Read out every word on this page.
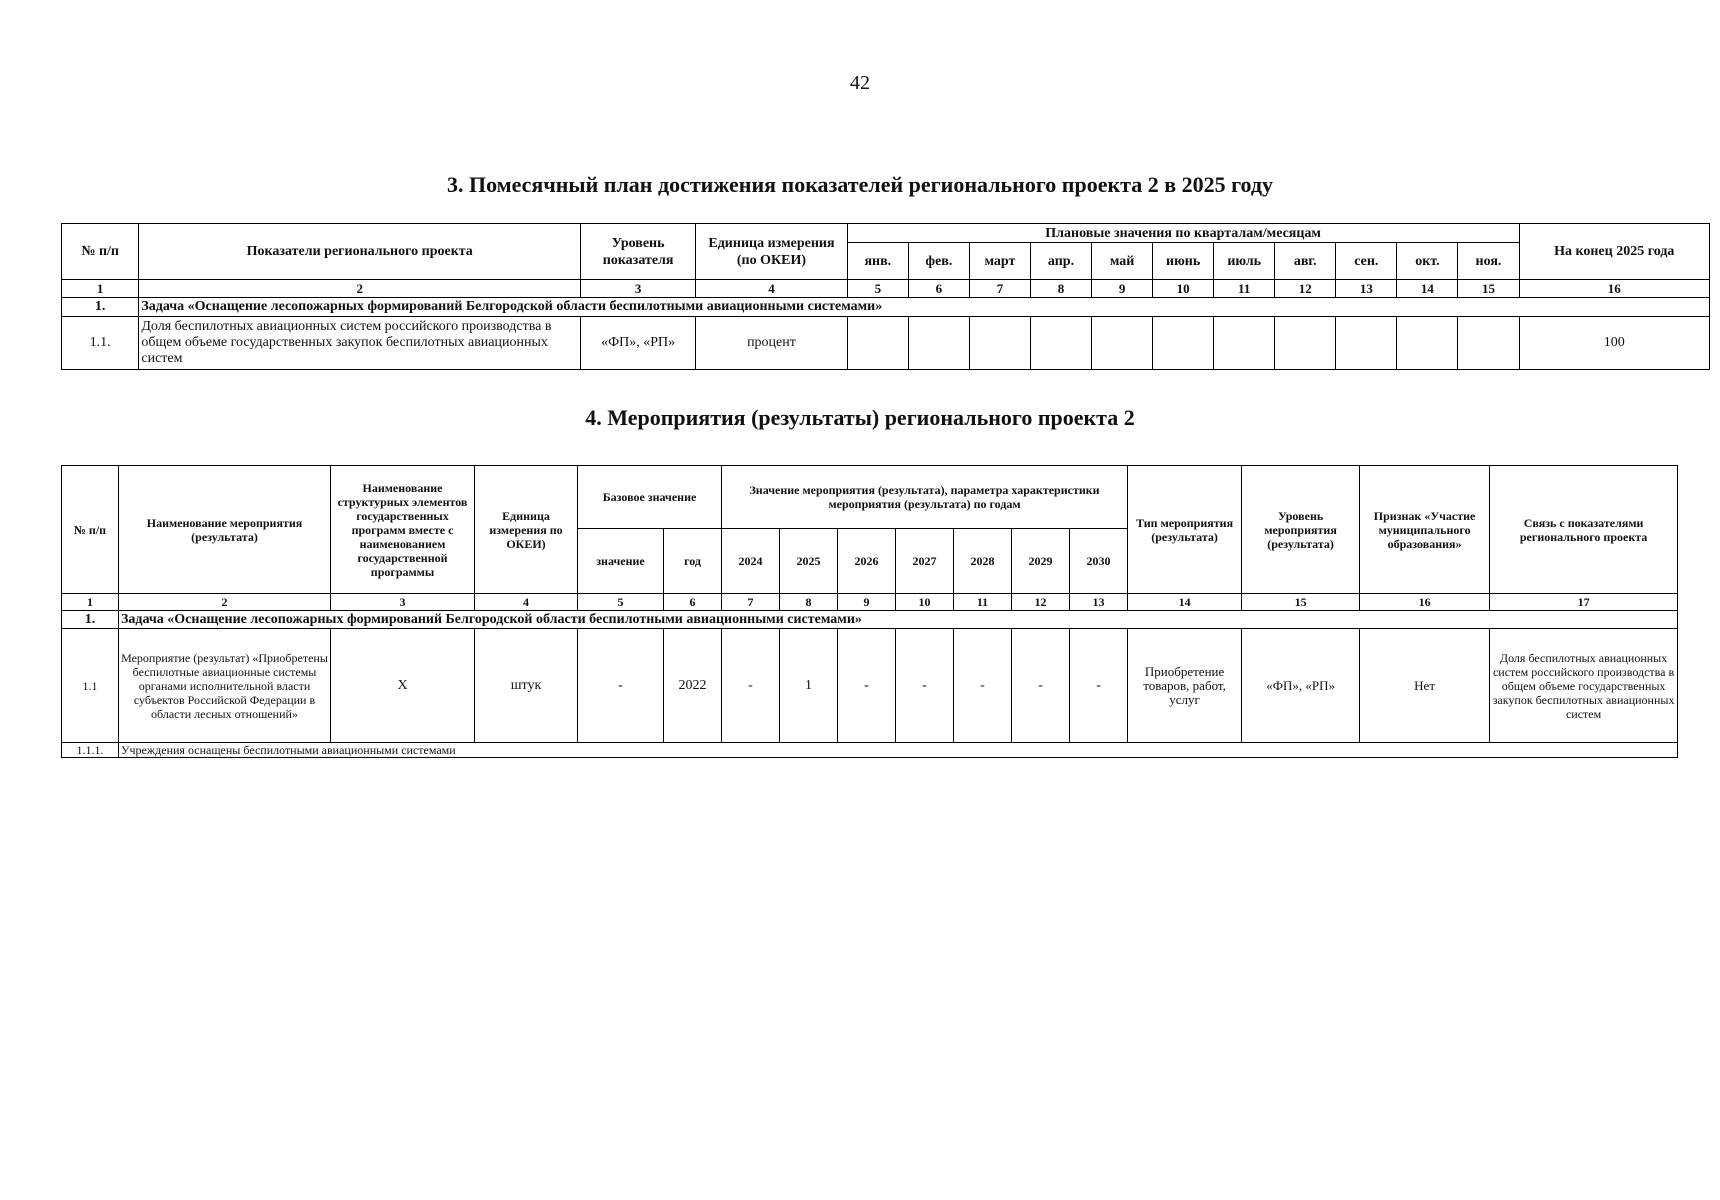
42
3. Помесячный план достижения показателей регионального проекта 2 в 2025 году
№ п/п	Показатели регионального проекта	Уровень показателя	Единица измерения (по ОКЕИ)	Плановые значения по кварталам/месяцам											На конец 2025 года
				янв.	фев.	март	апр.	май	июнь	июль	авг.	сен.	окт.	ноя.	
1	2	3	4	5	6	7	8	9	10	11	12	13	14	15	16
1.	Задача «Оснащение лесопожарных формирований Белгородской области беспилотными авиационными системами»														
1.1.	Доля беспилотных авиационных систем российского производства в общем объеме государственных закупок беспилотных авиационных систем	«ФП», «РП»	процент												100
4. Мероприятия (результаты) регионального проекта 2
№ п/п	Наименование мероприятия (результата)	Наименование структурных элементов государственных программ вместе с наименованием государственной программы	Единица измерения по ОКЕИ)	Базовое значение		Значение мероприятия (результата), параметра характеристики мероприятия (результата) по годам							Тип мероприятия (результата)	Уровень мероприятия (результата)	Признак «Участие муниципального образования»	Связь с показателями регионального проекта
				значение	год	2024	2025	2026	2027	2028	2029	2030				
1	2	3	4	5	6	7	8	9	10	11	12	13	14	15	16	17
1.	Задача «Оснащение лесопожарных формирований Белгородской области беспилотными авиационными системами»															
1.1	Мероприятие (результат) «Приобретены беспилотные авиационные системы органами исполнительной власти субъектов Российской Федерации в области лесных отношений»	Х	штук	-	2022	-	1	-	-	-	-	-	Приобретение товаров, работ, услуг	«ФП», «РП»	Нет	Доля беспилотных авиационных систем российского производства в общем объеме государственных закупок беспилотных авиационных систем
1.1.1.	Учреждения оснащены беспилотными авиационными системами															
